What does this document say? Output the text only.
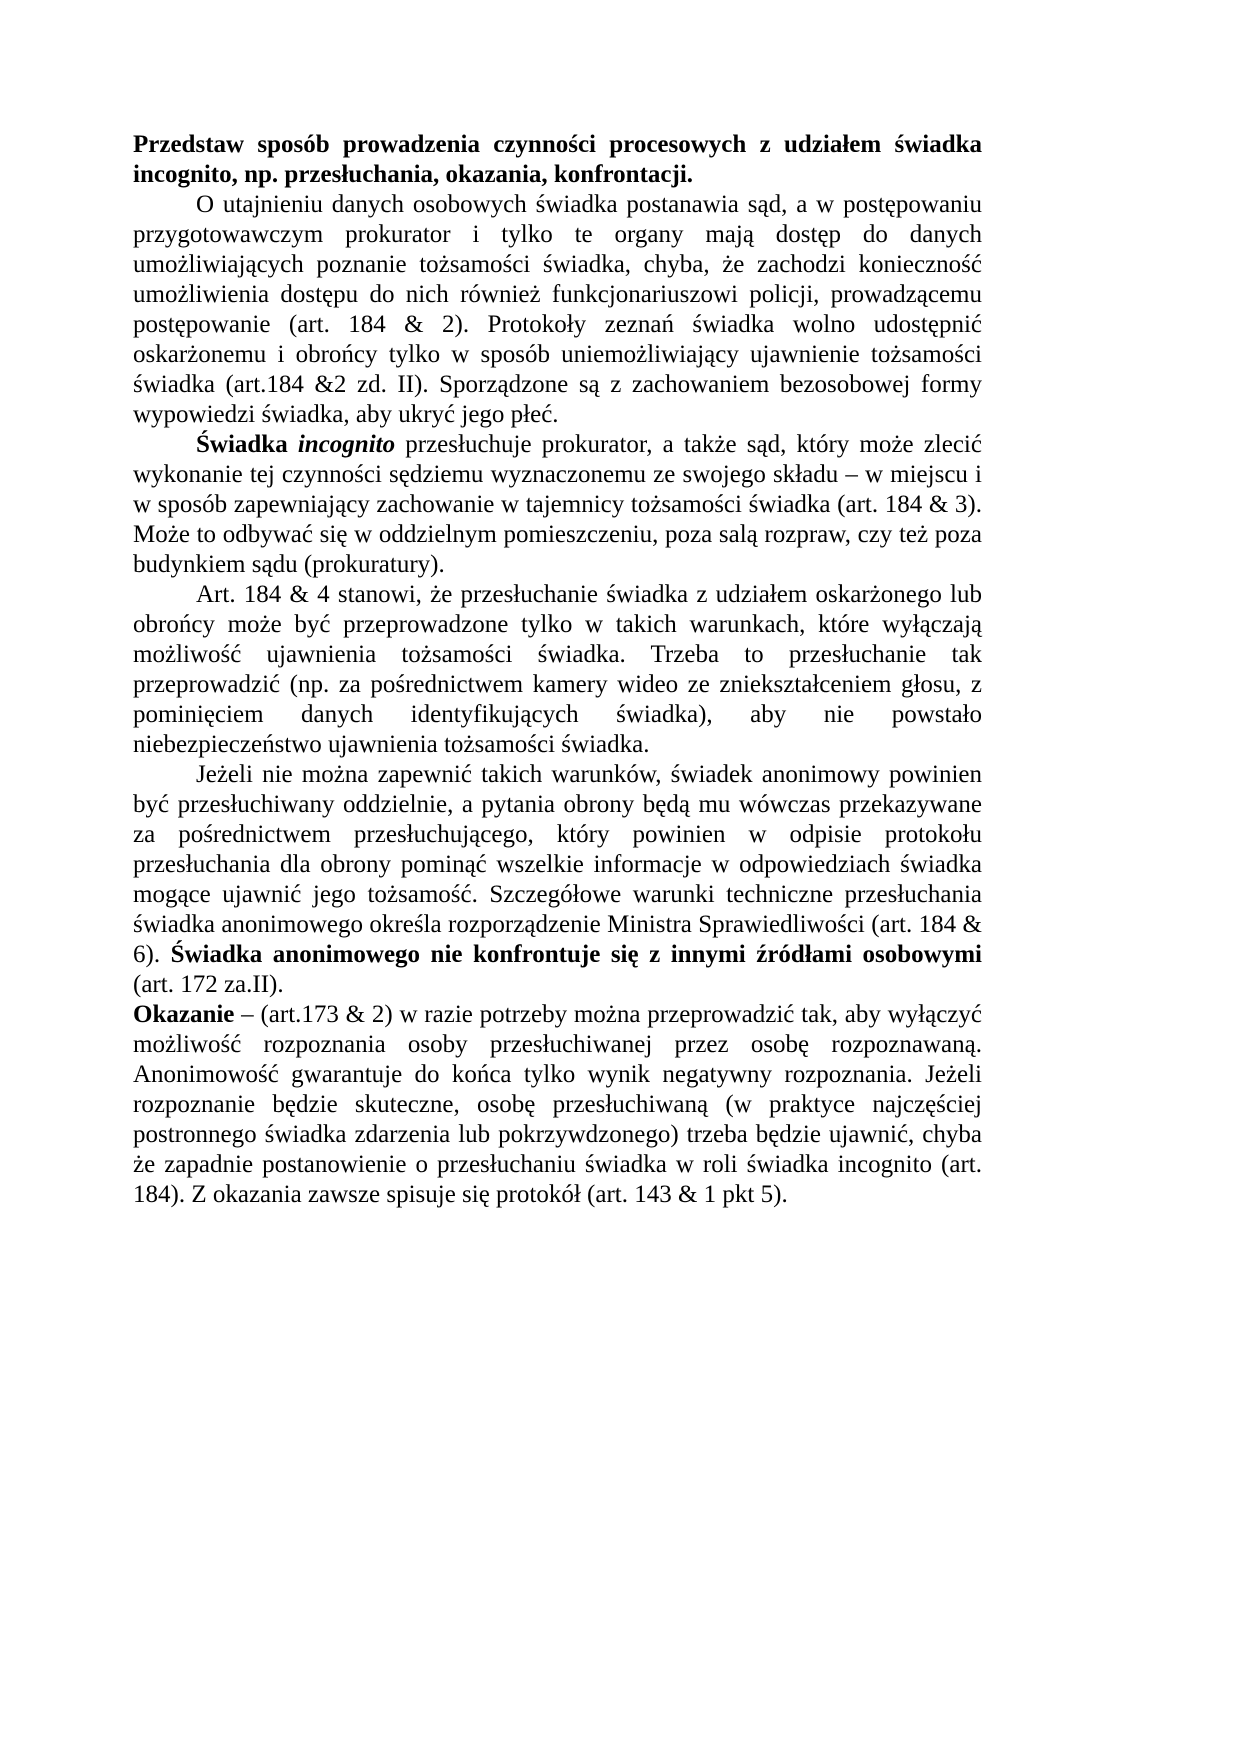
Przedstaw sposób prowadzenia czynności procesowych z udziałem świadka incognito, np. przesłuchania, okazania, konfrontacji.

O utajnieniu danych osobowych świadka postanawia sąd, a w postępowaniu przygotowawczym prokurator i tylko te organy mają dostęp do danych umożliwiających poznanie tożsamości świadka, chyba, że zachodzi konieczność umożliwienia dostępu do nich również funkcjonariuszowi policji, prowadzącemu postępowanie (art. 184 & 2). Protokoły zeznań świadka wolno udostępnić oskarżonemu i obrońcy tylko w sposób uniemożliwiający ujawnienie tożsamości świadka (art.184 &2 zd. II). Sporządzone są z zachowaniem bezosobowej formy wypowiedzi świadka, aby ukryć jego płeć.

Świadka incognito przesłuchuje prokurator, a także sąd, który może zlecić wykonanie tej czynności sędziemu wyznaczonemu ze swojego składu – w miejscu i w sposób zapewniający zachowanie w tajemnicy tożsamości świadka (art. 184 & 3). Może to odbywać się w oddzielnym pomieszczeniu, poza salą rozpraw, czy też poza budynkiem sądu (prokuratury).

Art. 184 & 4 stanowi, że przesłuchanie świadka z udziałem oskarżonego lub obrońcy może być przeprowadzone tylko w takich warunkach, które wyłączają możliwość ujawnienia tożsamości świadka. Trzeba to przesłuchanie tak przeprowadzić (np. za pośrednictwem kamery wideo ze zniekształceniem głosu, z pominięciem danych identyfikujących świadka), aby nie powstało niebezpieczeństwo ujawnienia tożsamości świadka.

Jeżeli nie można zapewnić takich warunków, świadek anonimowy powinien być przesłuchiwany oddzielnie, a pytania obrony będą mu wówczas przekazywane za pośrednictwem przesłuchującego, który powinien w odpisie protokołu przesłuchania dla obrony pominąć wszelkie informacje w odpowiedziach świadka mogące ujawnić jego tożsamość. Szczegółowe warunki techniczne przesłuchania świadka anonimowego określa rozporządzenie Ministra Sprawiedliwości (art. 184 & 6). Świadka anonimowego nie konfrontuje się z innymi źródłami osobowymi (art. 172 za.II).

Okazanie – (art.173 & 2) w razie potrzeby można przeprowadzić tak, aby wyłączyć możliwość rozpoznania osoby przesłuchiwanej przez osobę rozpoznawaną. Anonimowość gwarantuje do końca tylko wynik negatywny rozpoznania. Jeżeli rozpoznanie będzie skuteczne, osobę przesłuchiwaną (w praktyce najczęściej postronnego świadka zdarzenia lub pokrzywdzonego) trzeba będzie ujawnić, chyba że zapadnie postanowienie o przesłuchaniu świadka w roli świadka incognito (art. 184). Z okazania zawsze spisuje się protokół (art. 143 & 1 pkt 5).
